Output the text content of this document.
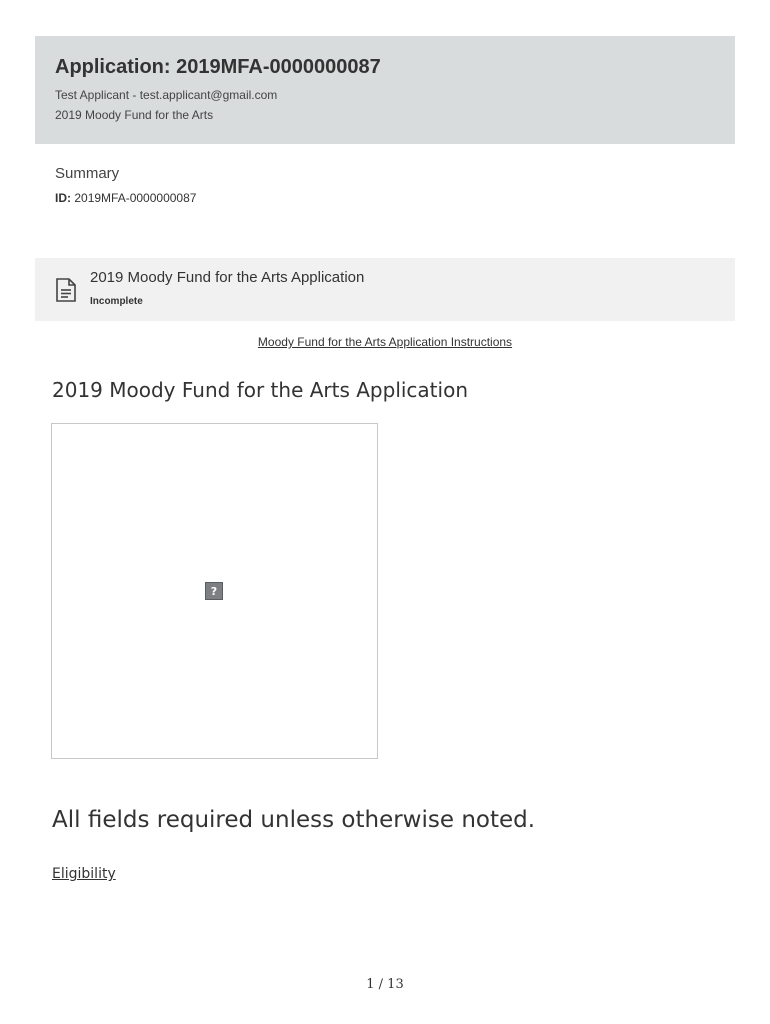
Application: 2019MFA-0000000087
Test Applicant - test.applicant@gmail.com
2019 Moody Fund for the Arts
Summary
ID: 2019MFA-0000000087
2019 Moody Fund for the Arts Application
Incomplete
Moody Fund for the Arts Application Instructions
2019 Moody Fund for the Arts Application
?
All fields required unless otherwise noted.
Eligibility
1 / 13
